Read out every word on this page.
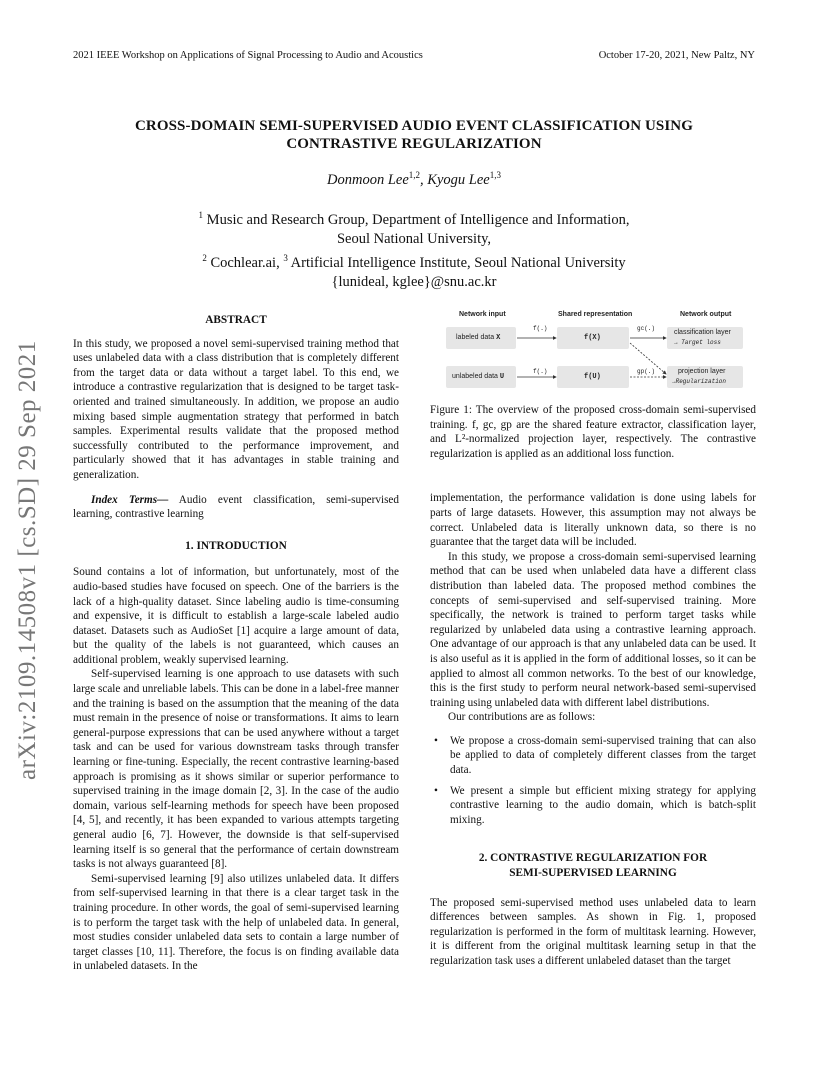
2021 IEEE Workshop on Applications of Signal Processing to Audio and Acoustics	October 17-20, 2021, New Paltz, NY
arXiv:2109.14508v1 [cs.SD] 29 Sep 2021
CROSS-DOMAIN SEMI-SUPERVISED AUDIO EVENT CLASSIFICATION USING
CONTRASTIVE REGULARIZATION
Donmoon Lee$^{1,2}$, Kyogu Lee$^{1,3}$
$^1$ Music and Research Group, Department of Intelligence and Information,
Seoul National University,
$^2$ Cochlear.ai, $^3$ Artificial Intelligence Institute, Seoul National University
{lunideal, kglee}@snu.ac.kr
ABSTRACT

In this study, we proposed a novel semi-supervised training method that uses unlabeled data with a class distribution that is completely different from the target data or data without a target label. To this end, we introduce a contrastive regularization that is designed to be target task-oriented and trained simultaneously. In addition, we propose an audio mixing based simple augmentation strategy that performed in batch samples. Experimental results validate that the proposed method successfully contributed to the performance improvement, and particularly showed that it has advantages in stable training and generalization.

Index Terms— Audio event classification, semi-supervised learning, contrastive learning

1. INTRODUCTION

Sound contains a lot of information, but unfortunately, most of the audio-based studies have focused on speech. One of the barriers is the lack of a high-quality dataset. Since labeling audio is time-consuming and expensive, it is difficult to establish a large-scale labeled audio dataset. Datasets such as AudioSet [1] acquire a large amount of data, but the quality of the labels is not guaranteed, which causes an additional problem, weakly supervised learning.

Self-supervised learning is one approach to use datasets with such large scale and unreliable labels. This can be done in a label-free manner and the training is based on the assumption that the meaning of the data must remain in the presence of noise or transformations. It aims to learn general-purpose expressions that can be used anywhere without a target task and can be used for various downstream tasks through transfer learning or fine-tuning. Especially, the recent contrastive learning-based approach is promising as it shows similar or superior performance to supervised training in the image domain [2, 3]. In the case of the audio domain, various self-learning methods for speech have been proposed [4, 5], and recently, it has been expanded to various attempts targeting general audio [6, 7]. However, the downside is that self-supervised learning itself is so general that the performance of certain downstream tasks is not always guaranteed [8].

Semi-supervised learning [9] also utilizes unlabeled data. It differs from self-supervised learning in that there is a clear target task in the training procedure. In other words, the goal of semi-supervised learning is to perform the target task with the help of unlabeled data. In general, most studies consider unlabeled data sets to contain a large number of target classes [10, 11]. Therefore, the focus is on finding available data in unlabeled datasets. In the

Network input	Shared representation	Network output
labeled data X
unlabeled data U
f(X)
f(U)
classification layer
→ Target loss
projection layer
→Regularization
f(.)
f(.)
gc(.)
gp(.)

Figure 1: The overview of the proposed cross-domain semi-supervised training. f, gc, gp are the shared feature extractor, classification layer, and L²-normalized projection layer, respectively. The contrastive regularization is applied as an additional loss function.

implementation, the performance validation is done using labels for parts of large datasets. However, this assumption may not always be correct. Unlabeled data is literally unknown data, so there is no guarantee that the target data will be included.

In this study, we propose a cross-domain semi-supervised learning method that can be used when unlabeled data have a different class distribution than labeled data. The proposed method combines the concepts of semi-supervised and self-supervised training. More specifically, the network is trained to perform target tasks while regularized by unlabeled data using a contrastive learning approach. One advantage of our approach is that any unlabeled data can be used. It is also useful as it is applied in the form of additional losses, so it can be applied to almost all common networks. To the best of our knowledge, this is the first study to perform neural network-based semi-supervised training using unlabeled data with different label distributions.

Our contributions are as follows:

• We propose a cross-domain semi-supervised training that can also be applied to data of completely different classes from the target data.
• We present a simple but efficient mixing strategy for applying contrastive learning to the audio domain, which is batch-split mixing.
2. CONTRASTIVE REGULARIZATION FOR
SEMI-SUPERVISED LEARNING

The proposed semi-supervised method uses unlabeled data to learn differences between samples. As shown in Fig. 1, proposed regularization is performed in the form of multitask learning. However, it is different from the original multitask learning setup in that the regularization task uses a different unlabeled dataset than the target
